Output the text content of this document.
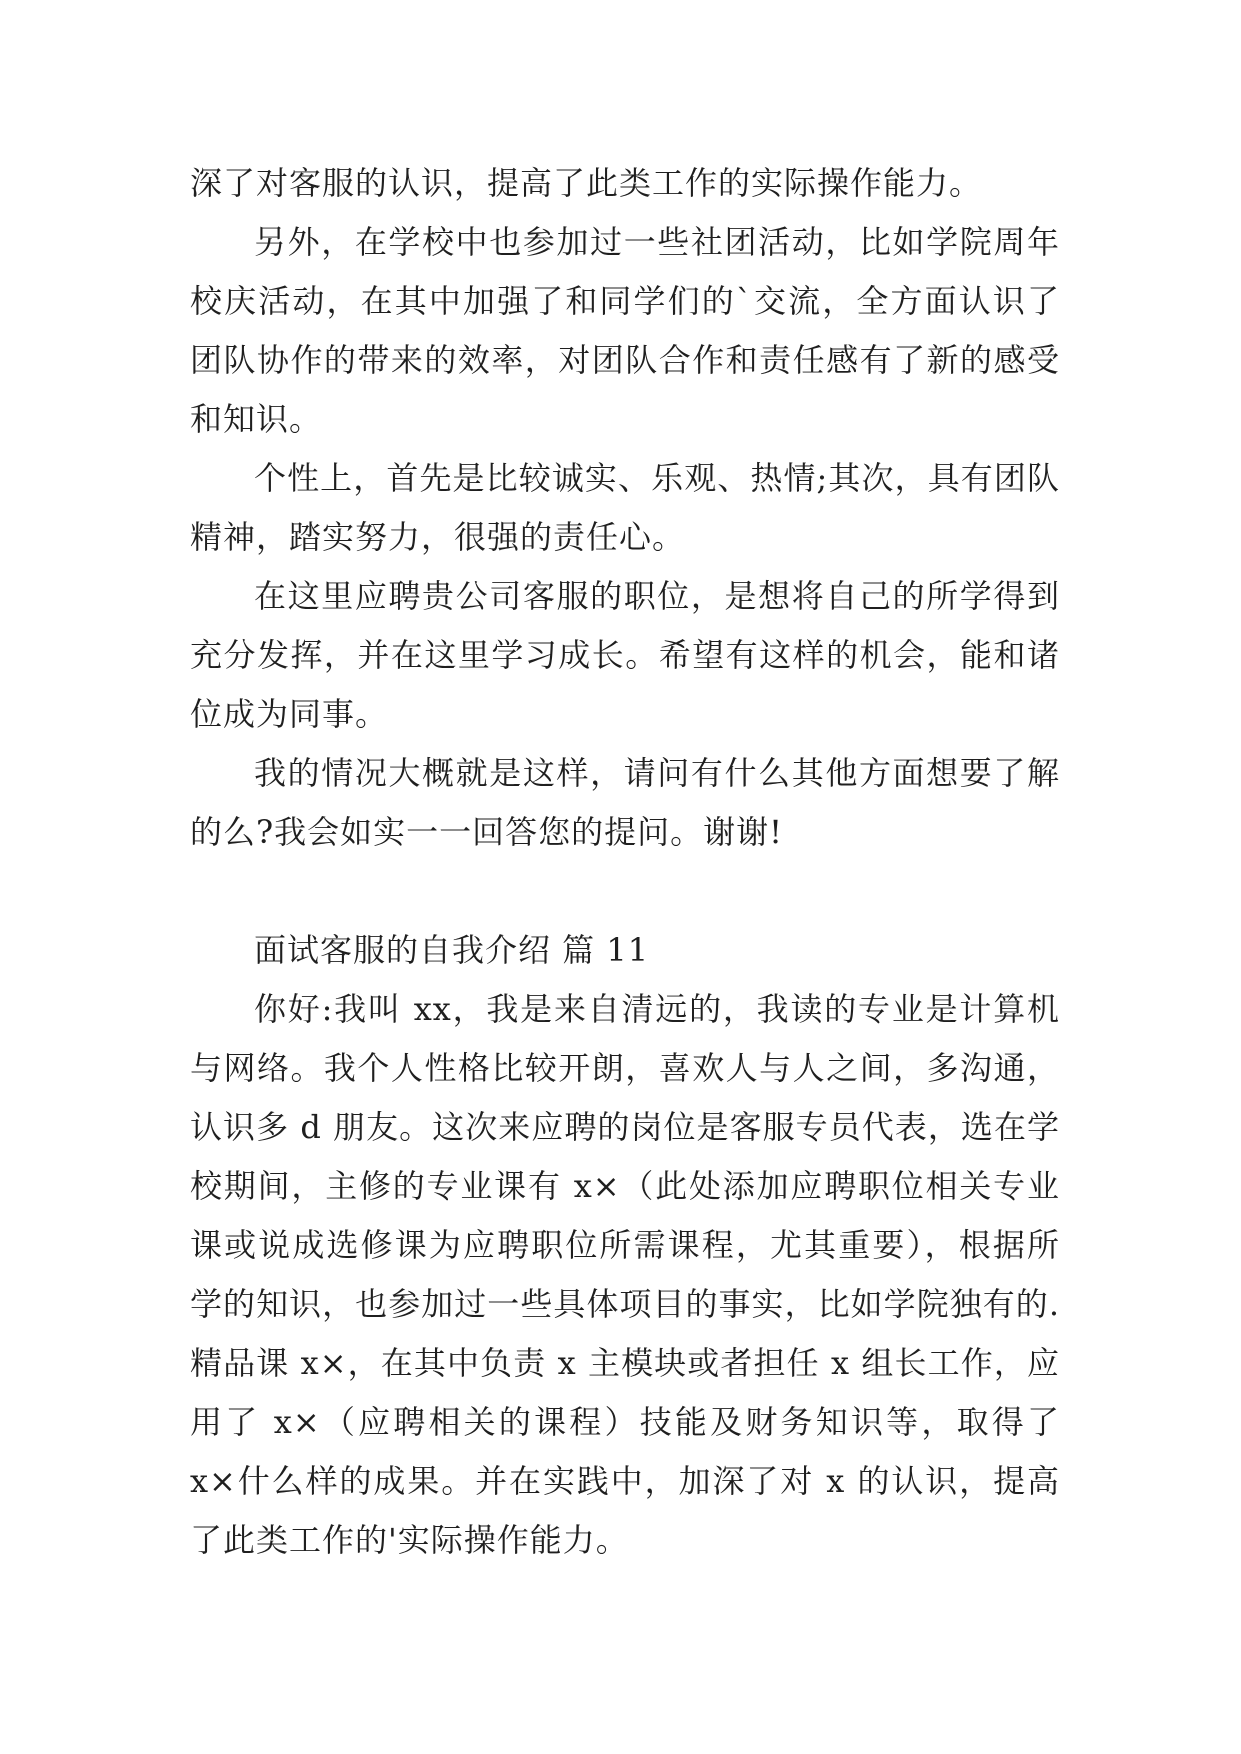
深了对客服的认识，提高了此类工作的实际操作能力。

另外，在学校中也参加过一些社团活动，比如学院周年校庆活动，在其中加强了和同学们的`交流，全方面认识了团队协作的带来的效率，对团队合作和责任感有了新的感受和知识。

个性上，首先是比较诚实、乐观、热情;其次，具有团队精神，踏实努力，很强的责任心。

在这里应聘贵公司客服的职位，是想将自己的所学得到充分发挥，并在这里学习成长。希望有这样的机会，能和诸位成为同事。

我的情况大概就是这样，请问有什么其他方面想要了解的么?我会如实一一回答您的提问。谢谢!

面试客服的自我介绍 篇 11

你好:我叫 xx，我是来自清远的，我读的专业是计算机与网络。我个人性格比较开朗，喜欢人与人之间，多沟通，认识多 d 朋友。这次来应聘的岗位是客服专员代表，选在学校期间，主修的专业课有 x×（此处添加应聘职位相关专业课或说成选修课为应聘职位所需课程，尤其重要），根据所学的知识，也参加过一些具体项目的事实，比如学院独有的.精品课 x×，在其中负责 x 主模块或者担任 x 组长工作，应用了 x×（应聘相关的课程）技能及财务知识等，取得了 x×什么样的成果。并在实践中，加深了对 x 的认识，提高了此类工作的'实际操作能力。
